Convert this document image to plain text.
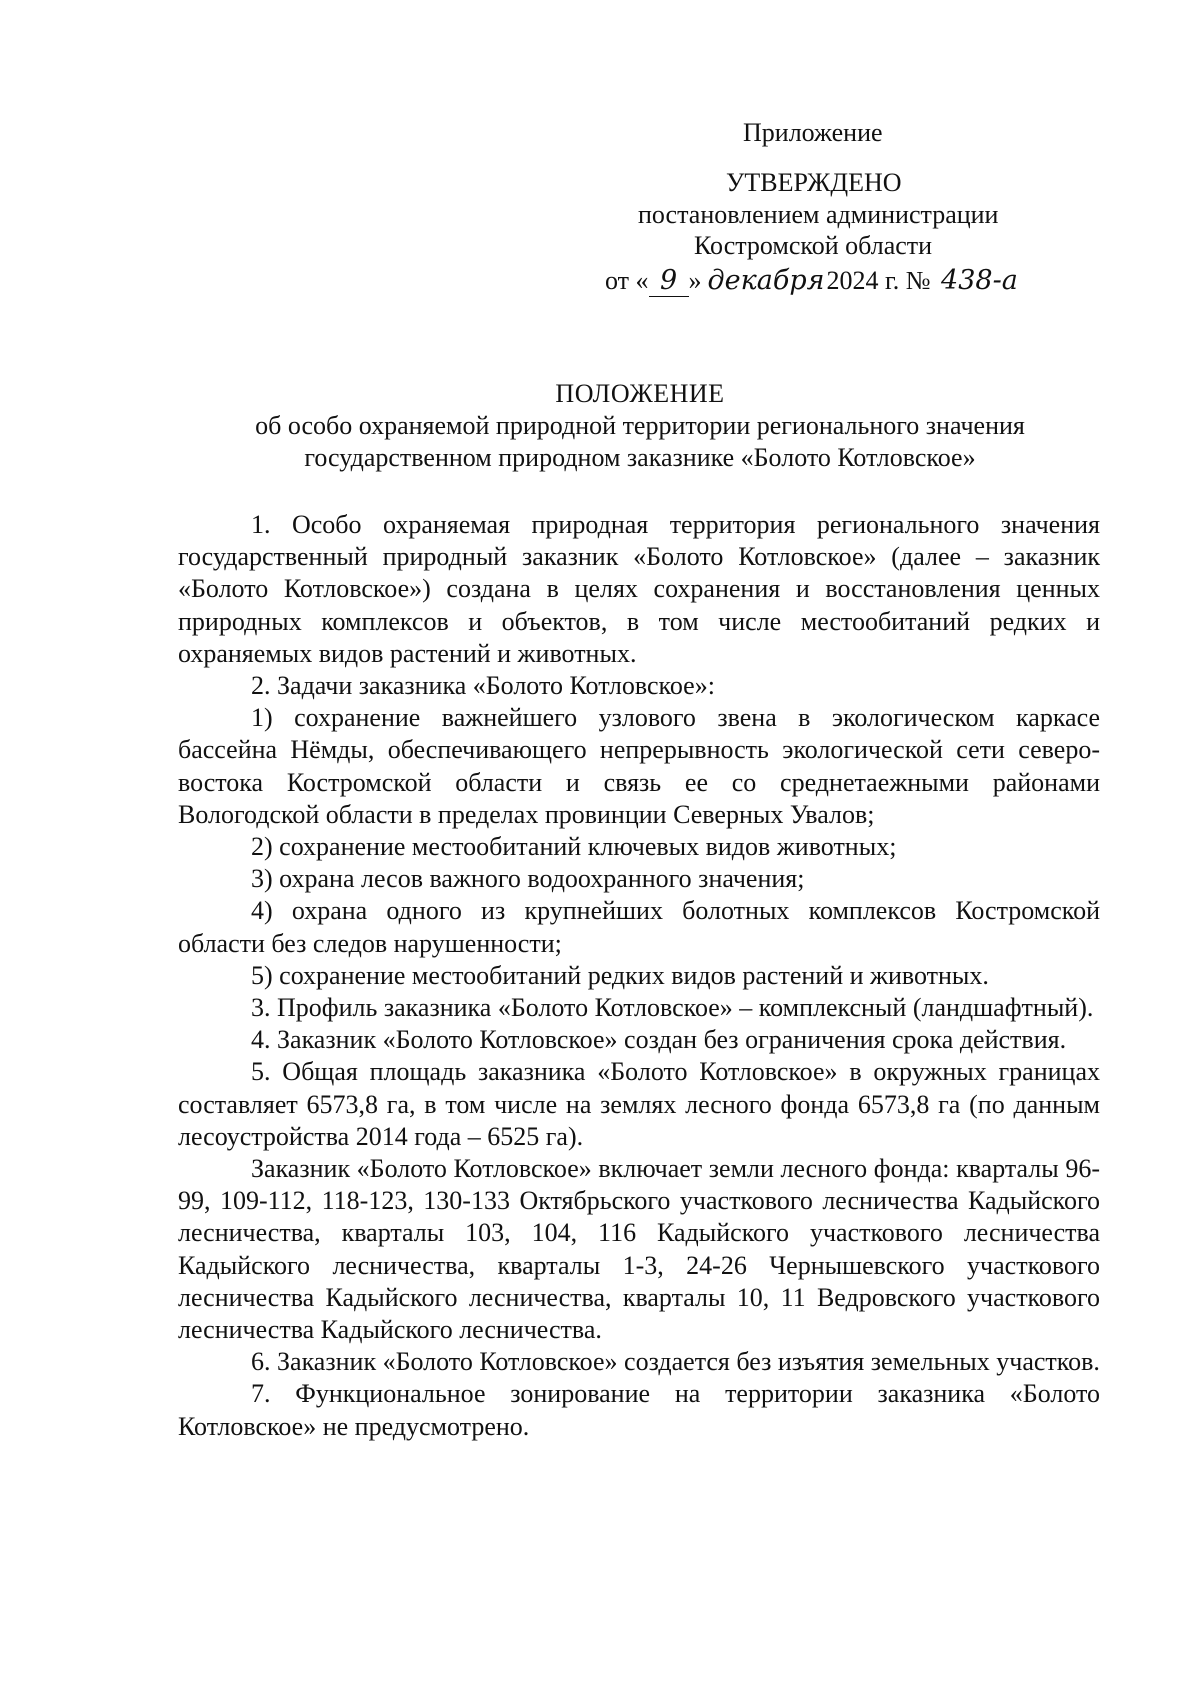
Приложение
УТВЕРЖДЕНО
постановлением администрации
Костромской области
от « 9 » декабря2024 г. № 438-а
ПОЛОЖЕНИЕ
об особо охраняемой природной территории регионального значения
государственном природном заказнике «Болото Котловское»

1. Особо охраняемая природная территория регионального значения государственный природный заказник «Болото Котловское» (далее – заказник «Болото Котловское») создана в целях сохранения и восстановления ценных природных комплексов и объектов, в том числе местообитаний редких и охраняемых видов растений и животных.

2. Задачи заказника «Болото Котловское»:

1) сохранение важнейшего узлового звена в экологическом каркасе бассейна Нёмды, обеспечивающего непрерывность экологической сети северо-востока Костромской области и связь ее со среднетаежными районами Вологодской области в пределах провинции Северных Увалов;

2) сохранение местообитаний ключевых видов животных;

3) охрана лесов важного водоохранного значения;

4) охрана одного из крупнейших болотных комплексов Костромской области без следов нарушенности;

5) сохранение местообитаний редких видов растений и животных.

3. Профиль заказника «Болото Котловское» – комплексный (ландшафтный).

4. Заказник «Болото Котловское» создан без ограничения срока действия.

5. Общая площадь заказника «Болото Котловское» в окружных границах составляет 6573,8 га, в том числе на землях лесного фонда 6573,8 га (по данным лесоустройства 2014 года – 6525 га).

Заказник «Болото Котловское» включает земли лесного фонда: кварталы 96-99, 109-112, 118-123, 130-133 Октябрьского участкового лесничества Кадыйского лесничества, кварталы 103, 104, 116 Кадыйского участкового лесничества Кадыйского лесничества, кварталы 1-3, 24-26 Чернышевского участкового лесничества Кадыйского лесничества, кварталы 10, 11 Ведровского участкового лесничества Кадыйского лесничества.

6. Заказник «Болото Котловское» создается без изъятия земельных участков.

7. Функциональное зонирование на территории заказника «Болото Котловское» не предусмотрено.
